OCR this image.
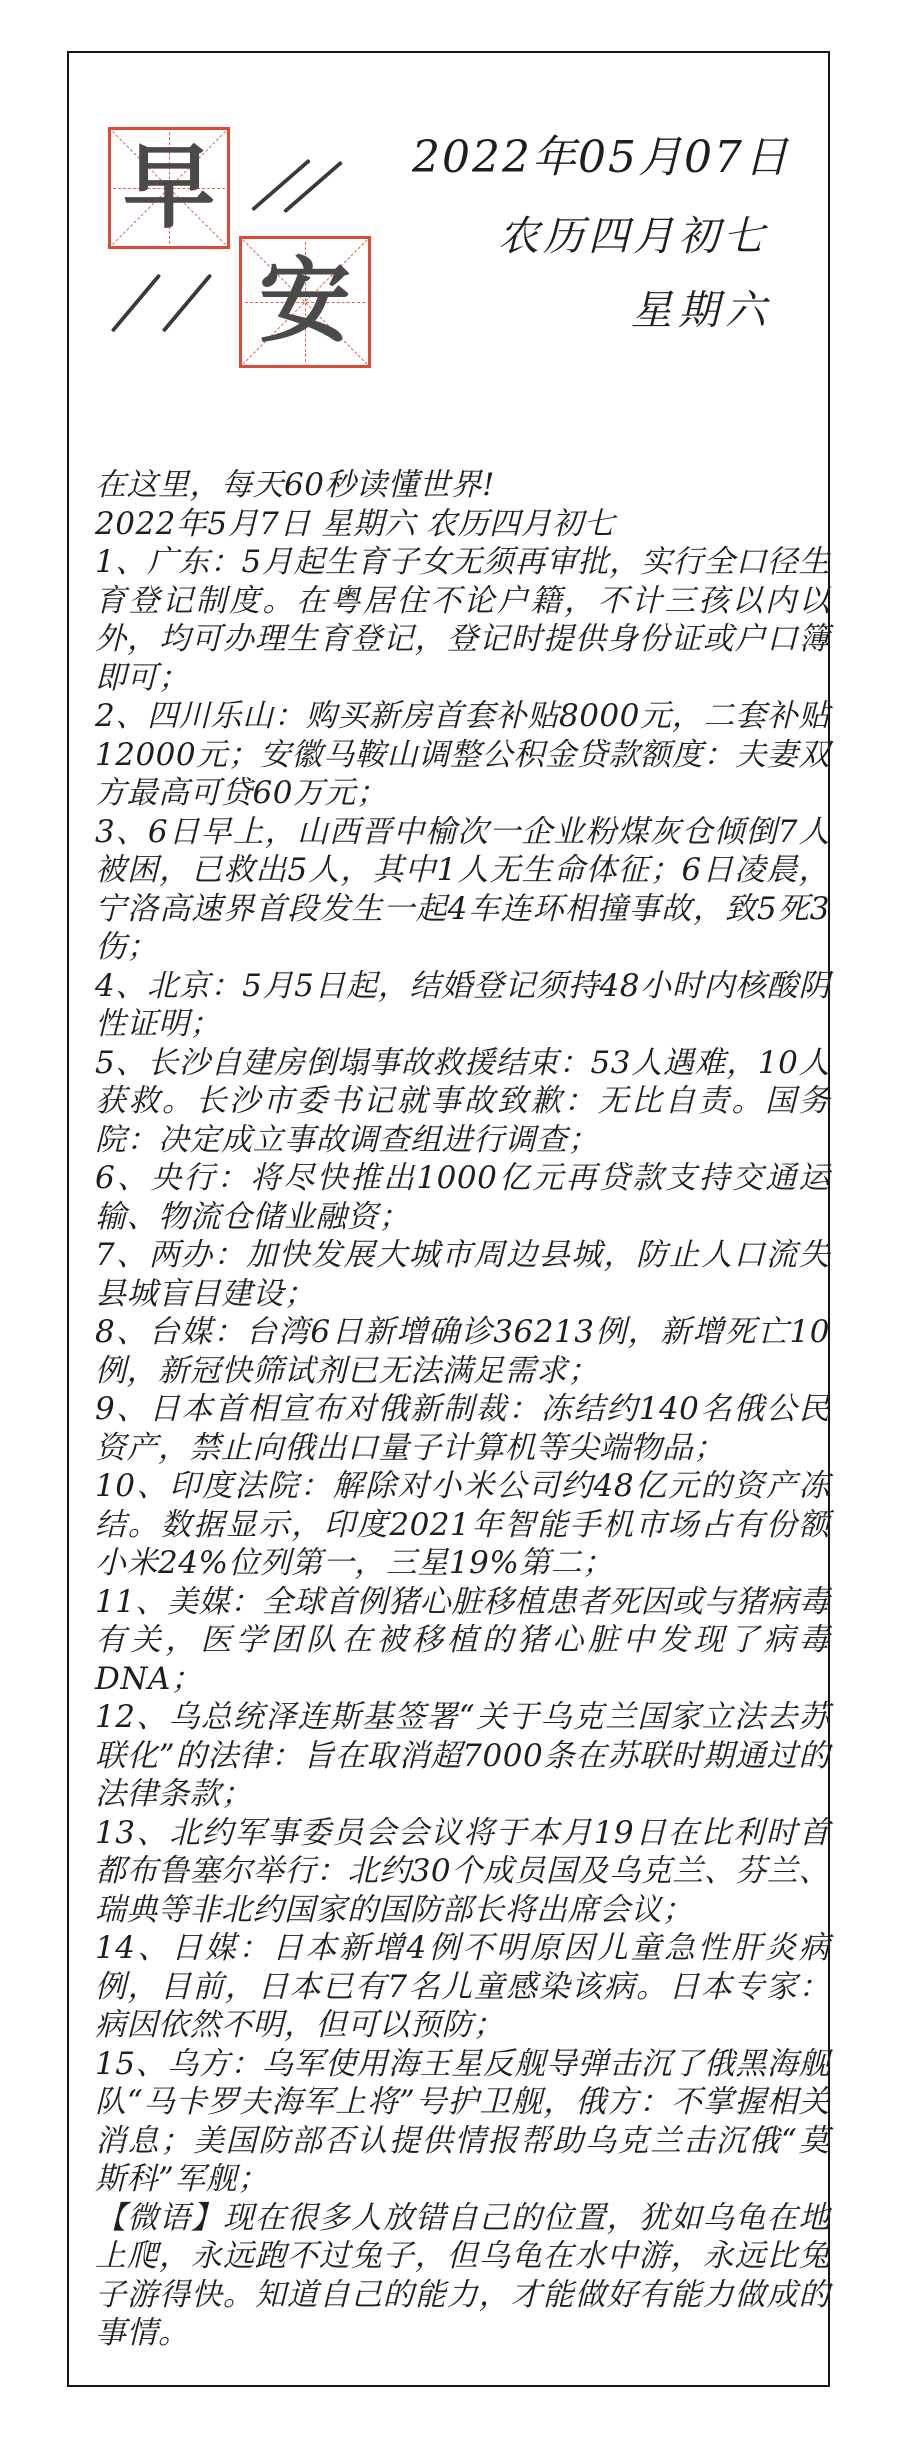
早
安
2022年05月07日
农历四月初七
星期六

在这里，每天60秒读懂世界!

2022年5月7日 星期六 农历四月初七

1、广东：5月起生育子女无须再审批，实行全口径生育登记制度。在粤居住不论户籍，不计三孩以内以外，均可办理生育登记，登记时提供身份证或户口簿即可；

2、四川乐山：购买新房首套补贴8000元，二套补贴12000元；安徽马鞍山调整公积金贷款额度：夫妻双方最高可贷60万元；

3、6日早上，山西晋中榆次一企业粉煤灰仓倾倒7人被困，已救出5人，其中1人无生命体征；6日凌晨，宁洛高速界首段发生一起4车连环相撞事故，致5死3伤；

4、北京：5月5日起，结婚登记须持48小时内核酸阴性证明；

5、长沙自建房倒塌事故救援结束：53人遇难，10人获救。长沙市委书记就事故致歉：无比自责。国务院：决定成立事故调查组进行调查；

6、央行：将尽快推出1000亿元再贷款支持交通运输、物流仓储业融资；

7、两办：加快发展大城市周边县城，防止人口流失县城盲目建设；

8、台媒：台湾6日新增确诊36213例，新增死亡10例，新冠快筛试剂已无法满足需求；

9、日本首相宣布对俄新制裁：冻结约140名俄公民资产，禁止向俄出口量子计算机等尖端物品；

10、印度法院：解除对小米公司约48亿元的资产冻结。数据显示，印度2021年智能手机市场占有份额小米24%位列第一，三星19%第二；

11、美媒：全球首例猪心脏移植患者死因或与猪病毒有关，医学团队在被移植的猪心脏中发现了病毒DNA；

12、乌总统泽连斯基签署“关于乌克兰国家立法去苏联化”的法律：旨在取消超7000条在苏联时期通过的法律条款；

13、北约军事委员会会议将于本月19日在比利时首都布鲁塞尔举行：北约30个成员国及乌克兰、芬兰、瑞典等非北约国家的国防部长将出席会议；

14、日媒：日本新增4例不明原因儿童急性肝炎病例，目前，日本已有7名儿童感染该病。日本专家：病因依然不明，但可以预防；

15、乌方：乌军使用海王星反舰导弹击沉了俄黑海舰队“马卡罗夫海军上将”号护卫舰，俄方：不掌握相关消息；美国防部否认提供情报帮助乌克兰击沉俄“莫斯科”军舰；

【微语】现在很多人放错自己的位置，犹如乌龟在地上爬，永远跑不过兔子，但乌龟在水中游，永远比兔子游得快。知道自己的能力，才能做好有能力做成的事情。
